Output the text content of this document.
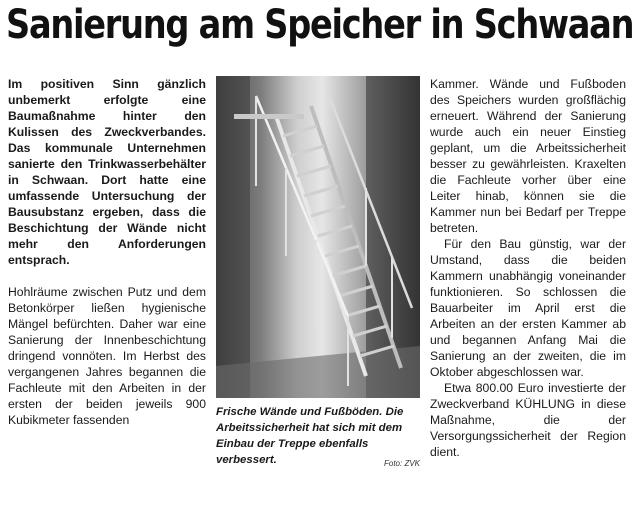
Sanierung am Speicher in Schwaan

Im positiven Sinn gänzlich unbemerkt erfolgte eine Baumaßnahme hinter den Kulissen des Zweckverbandes. Das kommunale Unternehmen sanierte den Trinkwasserbehälter in Schwaan. Dort hatte eine umfassende Untersuchung der Bausubstanz ergeben, dass die Beschichtung der Wände nicht mehr den Anforderungen entsprach.

Hohlräume zwischen Putz und dem Betonkörper ließen hygienische Mängel befürchten. Daher war eine Sanierung der Innenbeschichtung dringend vonnöten. Im Herbst des vergangenen Jahres begannen die Fachleute mit den Arbeiten in der ersten der beiden jeweils 900 Kubikmeter fassenden

Frische Wände und Fußböden. Die Arbeitssicherheit hat sich mit dem Einbau der Treppe ebenfalls verbessert.	Foto: ZVK

Kammer. Wände und Fußboden des Speichers wurden großflächig erneuert. Während der Sanierung wurde auch ein neuer Einstieg geplant, um die Arbeitssicherheit besser zu gewährleisten. Kraxelten die Fachleute vorher über eine Leiter hinab, können sie die Kammer nun bei Bedarf per Treppe betreten.

Für den Bau günstig, war der Umstand, dass die beiden Kammern unabhängig voneinander funktionieren. So schlossen die Bauarbeiter im April erst die Arbeiten an der ersten Kammer ab und begannen Anfang Mai die Sanierung an der zweiten, die im Oktober abgeschlossen war.

Etwa 800.00 Euro investierte der Zweckverband KÜHLUNG in diese Maßnahme, die der Versorgungssicherheit der Region dient.
